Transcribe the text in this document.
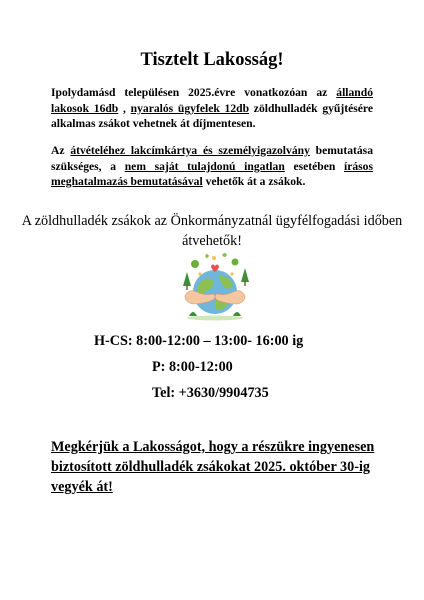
Tisztelt Lakosság!
Ipolydamásd településen 2025.évre vonatkozóan az állandó lakosok 16db , nyaralós ügyfelek 12db zöldhulladék gyűjtésére alkalmas zsákot vehetnek át díjmentesen.
Az átvételéhez lakcímkártya és személyigazolvány bemutatása szükséges, a nem saját tulajdonú ingatlan esetében írásos meghatalmazás bemutatásával vehetők át a zsákok.
A zöldhulladék zsákok az Önkormányzatnál ügyfélfogadási időben átvehetők!
H-CS: 8:00-12:00 – 13:00- 16:00 ig
P: 8:00-12:00
Tel: +3630/9904735
Megkérjük a Lakosságot, hogy a részükre ingyenesen biztosított zöldhulladék zsákokat 2025. október 30-ig vegyék át!
